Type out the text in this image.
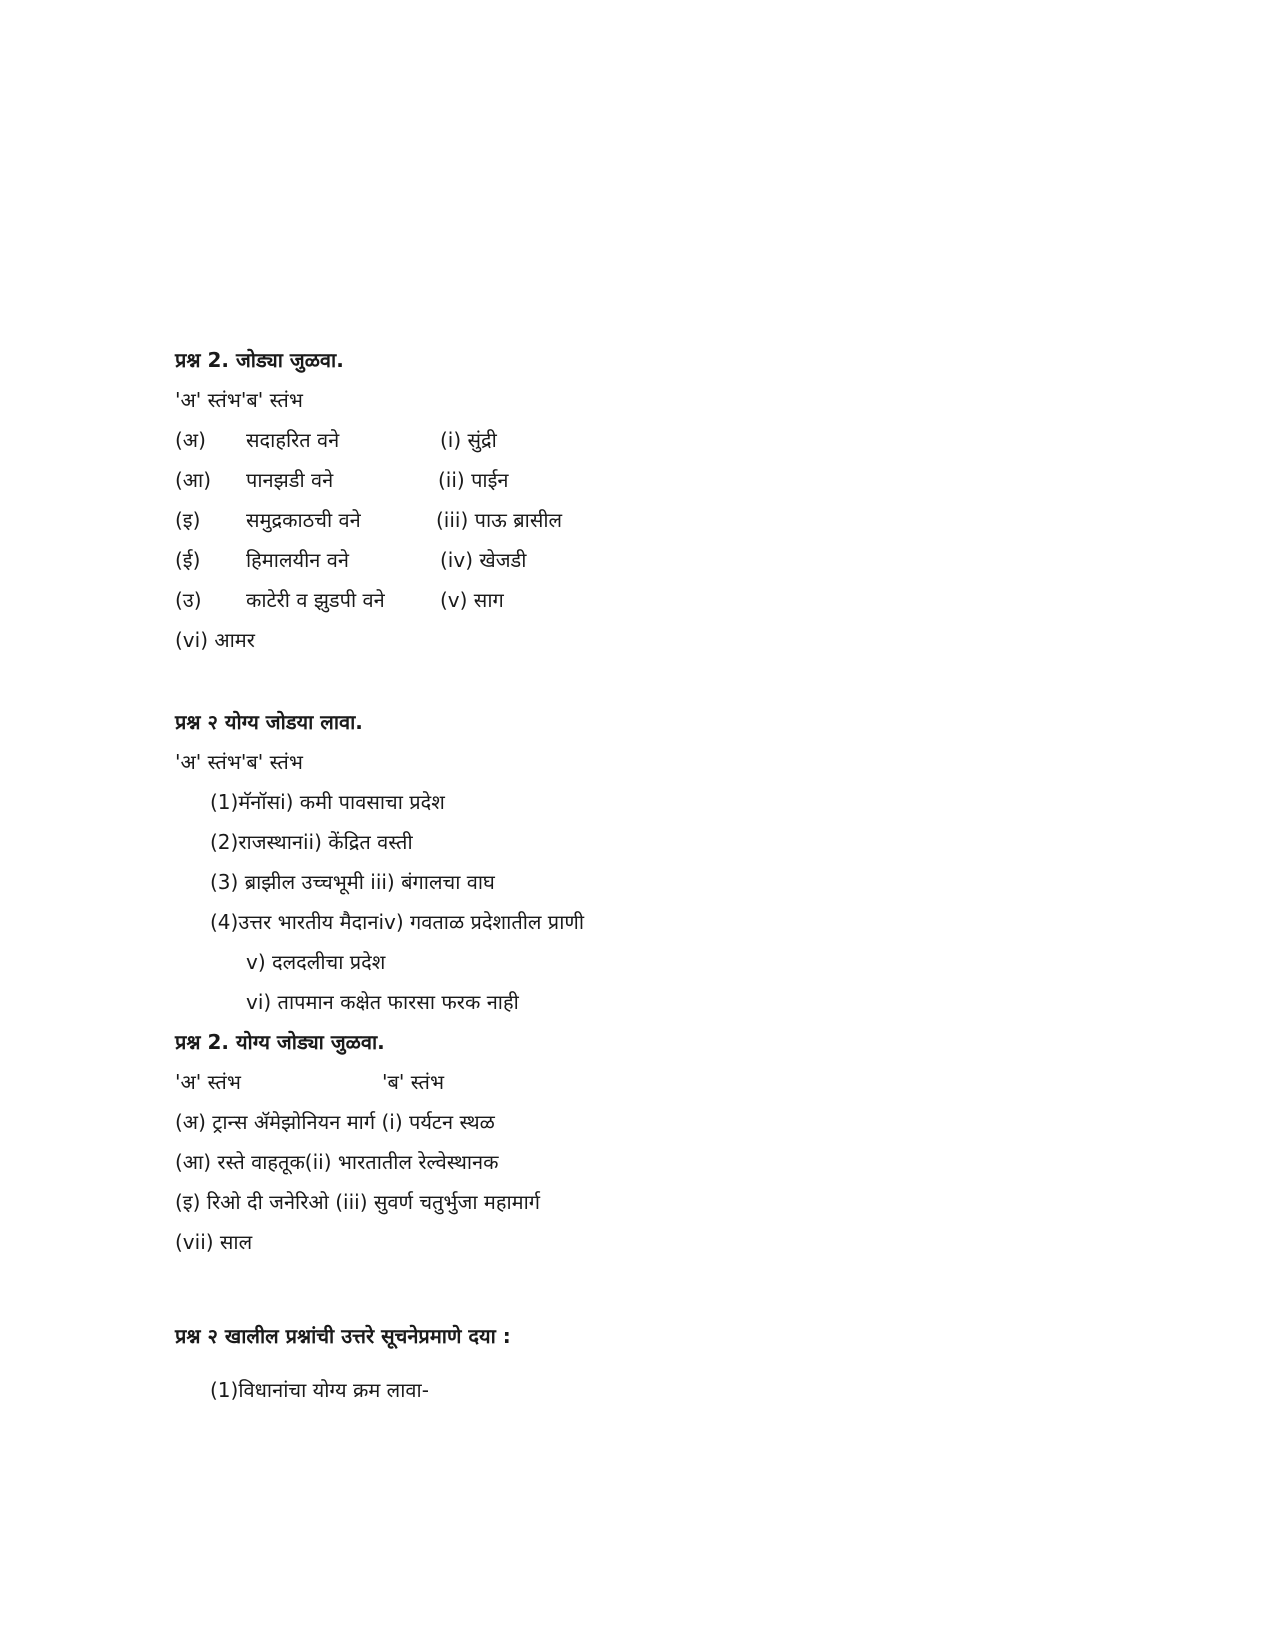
प्रश्न 2. जोड्या जुळवा.
'अ' स्तंभ'ब' स्तंभ
(अ) सदाहरित वने	(i) सुंद्री
(आ) पानझडी वने	(ii) पाईन
(इ) समुद्रकाठची वने	(iii) पाऊ ब्रासील
(ई) हिमालयीन वने	(iv) खेजडी
(उ) काटेरी व झुडपी वने	(v) साग
(vi) आमर
प्रश्न २ योग्य जोडया लावा.
'अ' स्तंभ'ब' स्तंभ
(1)मॅनॉसi) कमी पावसाचा प्रदेश
(2)राजस्थानii) केंद्रित वस्ती
(3) ब्राझील उच्चभूमी iii) बंगालचा वाघ
(4)उत्तर भारतीय मैदानiv) गवताळ प्रदेशातील प्राणी
v) दलदलीचा प्रदेश
vi) तापमान कक्षेत फारसा फरक नाही
प्रश्न 2. योग्य जोड्या जुळवा.
'अ' स्तंभ	'ब' स्तंभ
(अ) ट्रान्स ॲमेझोनियन मार्ग (i) पर्यटन स्थळ
(आ) रस्ते वाहतूक(ii) भारतातील रेल्वेस्थानक
(इ) रिओ दी जनेरिओ (iii) सुवर्ण चतुर्भुजा महामार्ग
(vii) साल
प्रश्न २ खालील प्रश्नांची उत्तरे सूचनेप्रमाणे दया :
(1)विधानांचा योग्य क्रम लावा-
